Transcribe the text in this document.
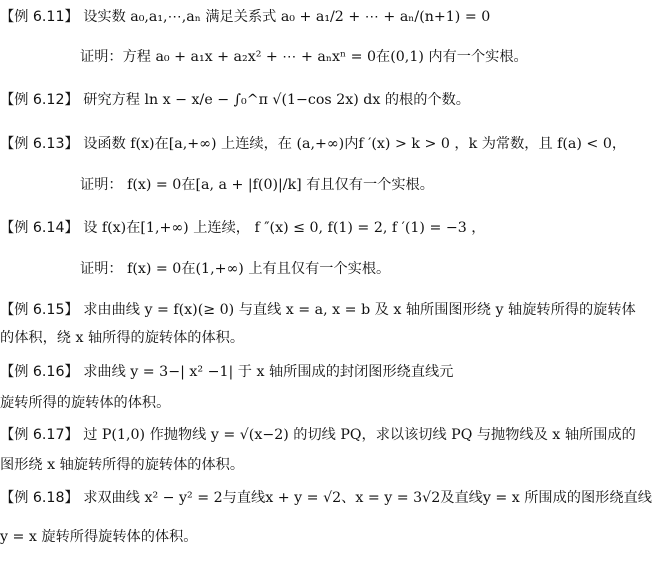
【例 6.11】 设实数 a₀,a₁,⋯,aₙ 满足关系式 a₀ + a₁/2 + ⋯ + aₙ/(n+1) = 0
证明：方程 a₀ + a₁x + a₂x² + ⋯ + aₙxⁿ = 0在(0,1) 内有一个实根。
【例 6.12】 研究方程 ln x − x/e − ∫₀^π √(1−cos 2x) dx 的根的个数。
【例 6.13】 设函数 f(x)在[a,+∞) 上连续，在 (a,+∞)内f ′(x) > k > 0 ，k 为常数，且 f(a) < 0，
证明： f(x) = 0在[a, a + |f(0)|/k] 有且仅有一个实根。
【例 6.14】 设 f(x)在[1,+∞) 上连续， f ″(x) ≤ 0, f(1) = 2, f ′(1) = −3 ，
证明： f(x) = 0在(1,+∞) 上有且仅有一个实根。
【例 6.15】 求由曲线 y = f(x)(≥ 0) 与直线 x = a, x = b 及 x 轴所围图形绕 y 轴旋转所得的旋转体
的体积，绕 x 轴所得的旋转体的体积。
【例 6.16】 求曲线 y = 3−| x² −1| 于 x 轴所围成的封闭图形绕直线元
旋转所得的旋转体的体积。
【例 6.17】 过 P(1,0) 作抛物线 y = √(x−2) 的切线 PQ，求以该切线 PQ 与抛物线及 x 轴所围成的
图形绕 x 轴旋转所得的旋转体的体积。
【例 6.18】 求双曲线 x² − y² = 2与直线x + y = √2、x = y = 3√2及直线y = x 所围成的图形绕直线
y = x 旋转所得旋转体的体积。
